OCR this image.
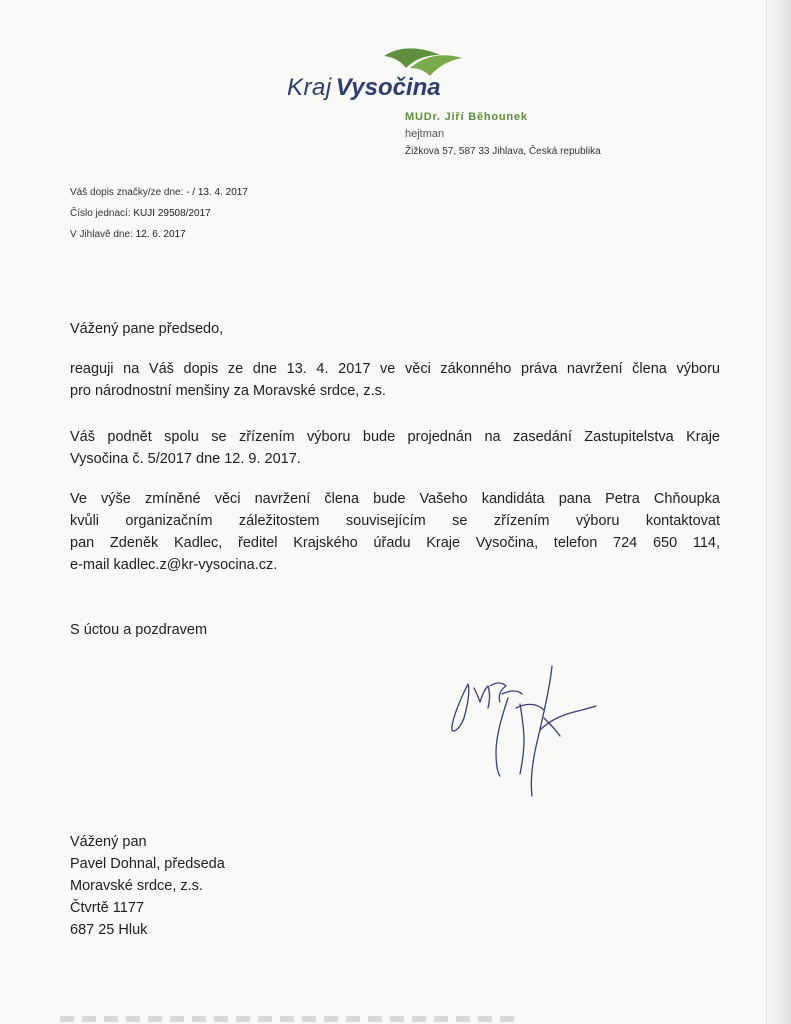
Kraj Vysočina
MUDr. Jiří Běhounek
hejtman
Žižkova 57, 587 33 Jihlava, Česká republika
Váš dopis značky/ze dne: - / 13. 4. 2017
Číslo jednací: KUJI 29508/2017
V Jihlavě dne: 12. 6. 2017
Vážený pane předsedo,
reaguji na Váš dopis ze dne 13. 4. 2017 ve věci zákonného práva navržení člena výboru
pro národnostní menšiny za Moravské srdce, z.s.
Váš podnět spolu se zřízením výboru bude projednán na zasedání Zastupitelstva Kraje
Vysočina č. 5/2017 dne 12. 9. 2017.
Ve výše zmíněné věci navržení člena bude Vašeho kandidáta pana Petra Chňoupka
kvůli organizačním záležitostem souvisejícím se zřízením výboru kontaktovat
pan Zdeněk Kadlec, ředitel Krajského úřadu Kraje Vysočina, telefon 724 650 114,
e-mail kadlec.z@kr-vysocina.cz.
S úctou a pozdravem
Vážený pan
Pavel Dohnal, předseda
Moravské srdce, z.s.
Čtvrtě 1177
687 25 Hluk
